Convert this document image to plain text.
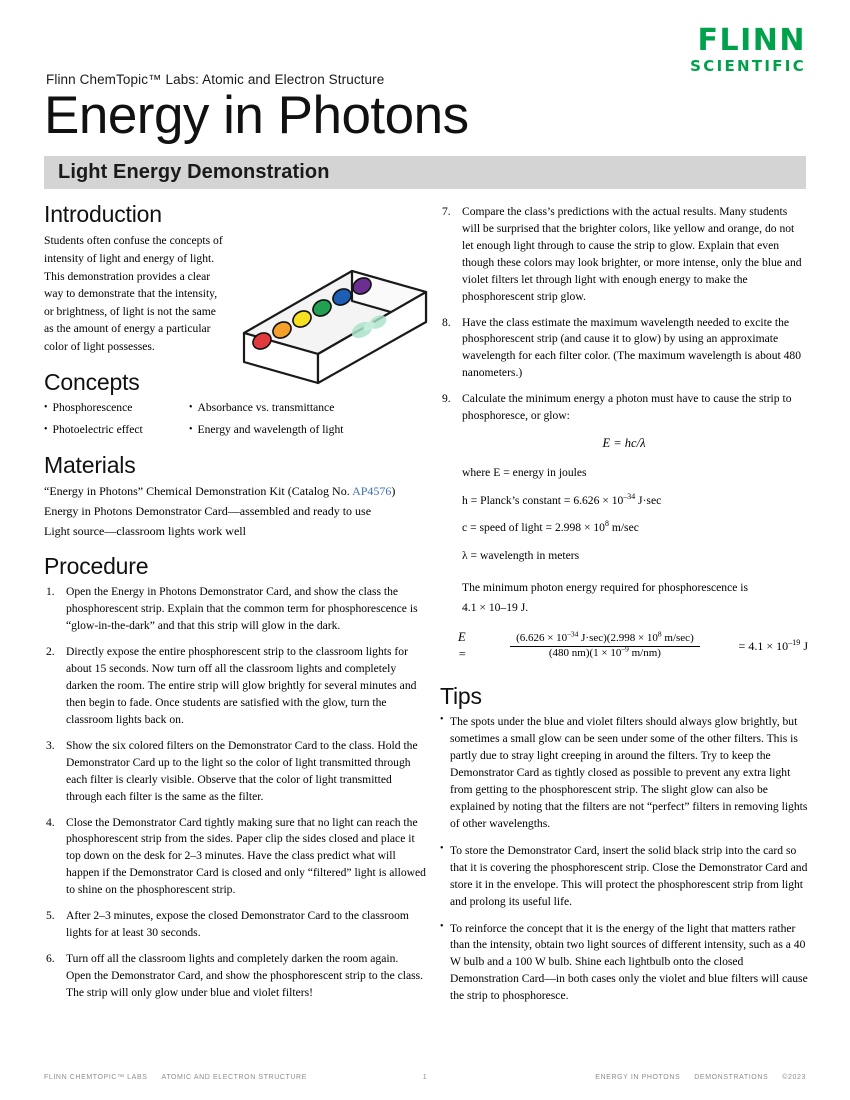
FLINN
SCIENTIFIC
Flinn ChemTopic™ Labs: Atomic and Electron Structure
Energy in Photons
Light Energy Demonstration
Introduction

Students often confuse the concepts of intensity of light and energy of light. This demonstration provides a clear way to demonstrate that the intensity, or brightness, of light is not the same as the amount of energy a particular color of light possesses.

Concepts
• Phosphorescence	• Absorbance vs. transmittance
• Photoelectric effect	• Energy and wavelength of light
Materials

“Energy in Photons” Chemical Demonstration Kit (Catalog No. AP4576)

Energy in Photons Demonstrator Card—assembled and ready to use

Light source—classroom lights work well

Procedure
Open the Energy in Photons Demonstrator Card, and show the class the phosphorescent strip. Explain that the common term for phosphorescence is “glow-in-the-dark” and that this strip will glow in the dark.
Directly expose the entire phosphorescent strip to the classroom lights for about 15 seconds. Now turn off all the classroom lights and completely darken the room. The entire strip will glow brightly for several minutes and then begin to fade. Once students are satisfied with the glow, turn the classroom lights back on.
Show the six colored filters on the Demonstrator Card to the class. Hold the Demonstrator Card up to the light so the color of light transmitted through each filter is clearly visible. Observe that the color of light transmitted through each filter is the same as the filter.
Close the Demonstrator Card tightly making sure that no light can reach the phosphorescent strip from the sides. Paper clip the sides closed and place it top down on the desk for 2–3 minutes. Have the class predict what will happen if the Demonstrator Card is closed and only “filtered” light is allowed to shine on the phosphorescent strip.
After 2–3 minutes, expose the closed Demonstrator Card to the classroom lights for at least 30 seconds.
Turn off all the classroom lights and completely darken the room again. Open the Demonstrator Card, and show the phosphorescent strip to the class. The strip will only glow under blue and violet filters!
Compare the class’s predictions with the actual results. Many students will be surprised that the brighter colors, like yellow and orange, do not let enough light through to cause the strip to glow. Explain that even though these colors may look brighter, or more intense, only the blue and violet filters let through light with enough energy to make the phosphorescent strip glow.
Have the class estimate the maximum wavelength needed to excite the phosphorescent strip (and cause it to glow) by using an approximate wavelength for each filter color. (The maximum wavelength is about 480 nanometers.)
Calculate the minimum energy a photon must have to cause the strip to phosphoresce, or glow:
E = hc/λ

where E = energy in joules

h = Planck’s constant = $6.626 \times 10^{-34}$ J·sec

c = speed of light = $2.998 \times 10^8$ m/sec

λ = wavelength in meters

The minimum photon energy required for phosphorescence is

4.1 × 10–19 J.

E =	$\frac{(6.626 \times 10^{-34} J\cdot\sec)(2.998 \times 10^8 m/\sec)}{(480 nm)(1 \times 10^{-9} m/nm)} = 4.1 \times 10^{-19}$ J
Tips
• The spots under the blue and violet filters should always glow brightly, but sometimes a small glow can be seen under some of the other filters. This is partly due to stray light creeping in around the filters. Try to keep the Demonstrator Card as tightly closed as possible to prevent any extra light from getting to the phosphorescent strip. The slight glow can also be explained by noting that the filters are not “perfect” filters in removing lights of other wavelengths.
• To store the Demonstrator Card, insert the solid black strip into the card so that it is covering the phosphorescent strip. Close the Demonstrator Card and store it in the envelope. This will protect the phosphorescent strip from light and prolong its useful life.
• To reinforce the concept that it is the energy of the light that matters rather than the intensity, obtain two light sources of different intensity, such as a 40 W bulb and a 100 W bulb. Shine each lightbulb onto the closed Demonstration Card—in both cases only the violet and blue filters will cause the strip to phosphoresce.
FLINN CHEMTOPIC™ LABS ATOMIC AND ELECTRON STRUCTURE	1	ENERGY IN PHOTONS DEMONSTRATIONS ©2023
